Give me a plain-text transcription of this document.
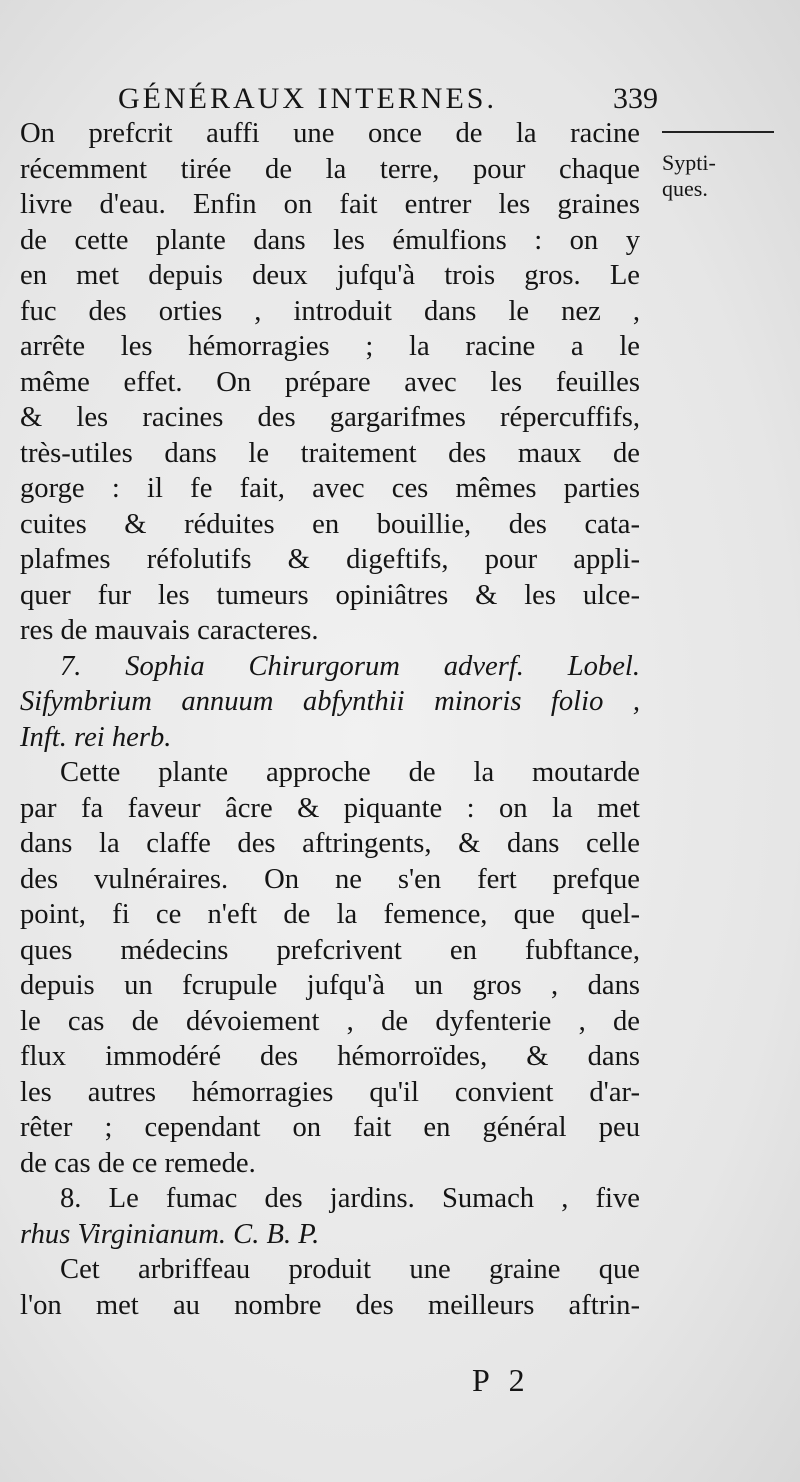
GÉNÉRAUX INTERNES.	339
Sypti-
ques.
On prefcrit auffi une once de la racine
récemment tirée de la terre, pour chaque
livre d'eau. Enfin on fait entrer les graines
de cette plante dans les émulfions : on y
en met depuis deux jufqu'à trois gros. Le
fuc des orties , introduit dans le nez ,
arrête les hémorragies ; la racine a le
même effet. On prépare avec les feuilles
& les racines des gargarifmes répercuffifs,
très-utiles dans le traitement des maux de
gorge : il fe fait, avec ces mêmes parties
cuites & réduites en bouillie, des cata-
plafmes réfolutifs & digeftifs, pour appli-
quer fur les tumeurs opiniâtres & les ulce-
res de mauvais caracteres.
7. Sophia Chirurgorum adverf. Lobel.
Sifymbrium annuum abfynthii minoris folio ,
Inft. rei herb.
Cette plante approche de la moutarde
par fa faveur âcre & piquante : on la met
dans la claffe des aftringents, & dans celle
des vulnéraires. On ne s'en fert prefque
point, fi ce n'eft de la femence, que quel-
ques médecins prefcrivent en fubftance,
depuis un fcrupule jufqu'à un gros , dans
le cas de dévoiement , de dyfenterie , de
flux immodéré des hémorroïdes, & dans
les autres hémorragies qu'il convient d'ar-
rêter ; cependant on fait en général peu
de cas de ce remede.
8. Le fumac des jardins. Sumach , five
rhus Virginianum. C. B. P.
Cet arbriffeau produit une graine que
l'on met au nombre des meilleurs aftrin-
P 2
